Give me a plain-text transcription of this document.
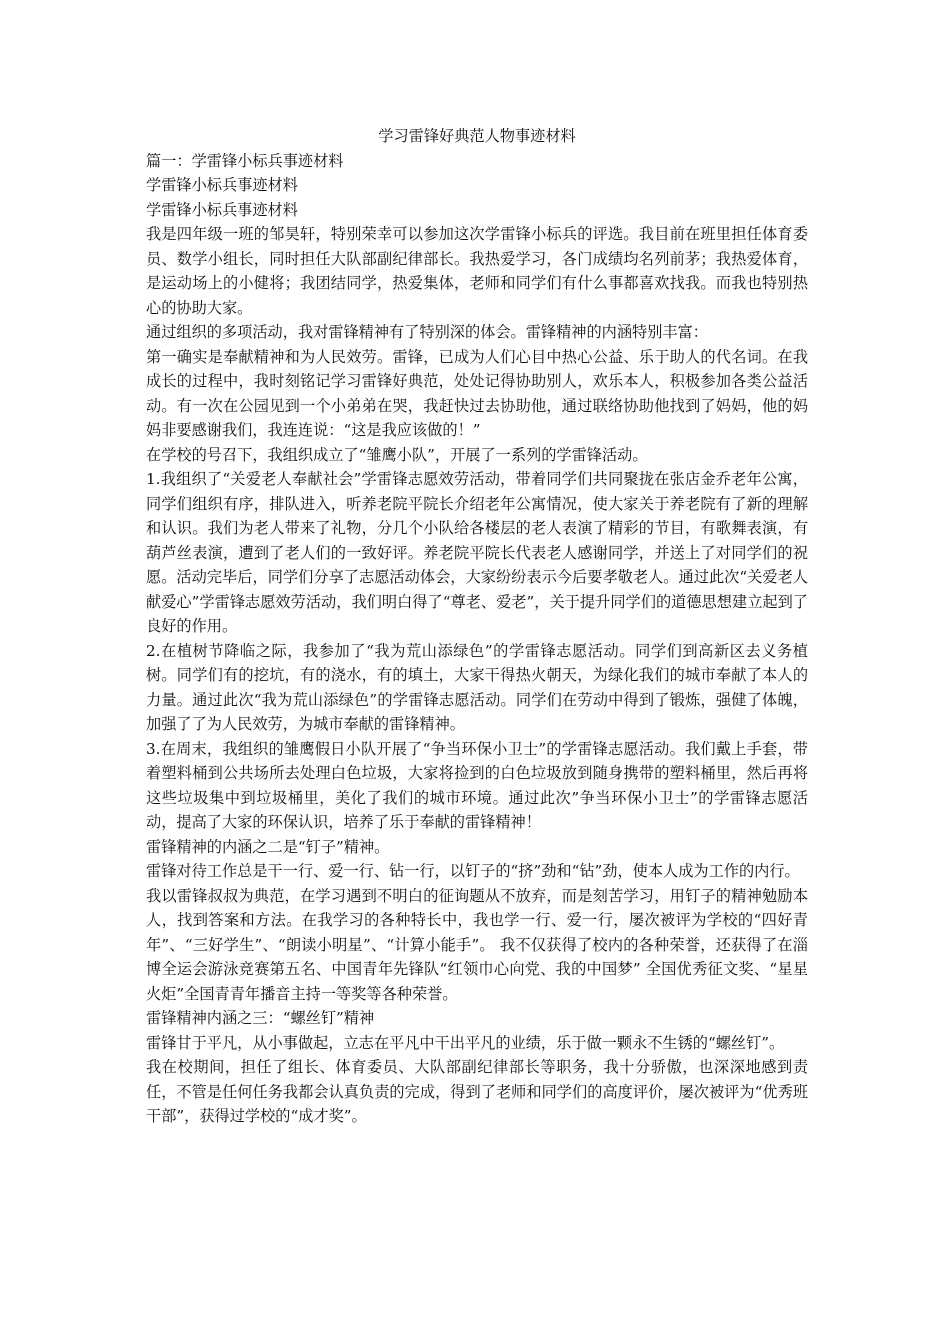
学习雷锋好典范人物事迹材料

篇一：学雷锋小标兵事迹材料

学雷锋小标兵事迹材料

学雷锋小标兵事迹材料

我是四年级一班的邹昊轩，特别荣幸可以参加这次学雷锋小标兵的评选。我目前在班里担任体育委员、数学小组长，同时担任大队部副纪律部长。我热爱学习，各门成绩均名列前茅；我热爱体育，是运动场上的小健将；我团结同学，热爱集体，老师和同学们有什么事都喜欢找我。而我也特别热心的协助大家。

通过组织的多项活动，我对雷锋精神有了特别深的体会。雷锋精神的内涵特别丰富：

第一确实是奉献精神和为人民效劳。雷锋，已成为人们心目中热心公益、乐于助人的代名词。在我成长的过程中，我时刻铭记学习雷锋好典范，处处记得协助别人，欢乐本人，积极参加各类公益活动。有一次在公园见到一个小弟弟在哭，我赶快过去协助他，通过联络协助他找到了妈妈，他的妈妈非要感谢我们，我连连说：“这是我应该做的！”

在学校的号召下，我组织成立了“雏鹰小队”，开展了一系列的学雷锋活动。

1.我组织了“关爱老人奉献社会”学雷锋志愿效劳活动，带着同学们共同聚拢在张店金乔老年公寓，同学们组织有序，排队进入，听养老院平院长介绍老年公寓情况，使大家关于养老院有了新的理解和认识。我们为老人带来了礼物，分几个小队给各楼层的老人表演了精彩的节目，有歌舞表演，有葫芦丝表演，遭到了老人们的一致好评。养老院平院长代表老人感谢同学，并送上了对同学们的祝愿。活动完毕后，同学们分享了志愿活动体会，大家纷纷表示今后要孝敬老人。通过此次“关爱老人献爱心”学雷锋志愿效劳活动，我们明白得了“尊老、爱老”，关于提升同学们的道德思想建立起到了良好的作用。

2.在植树节降临之际，我参加了“我为荒山添绿色”的学雷锋志愿活动。同学们到高新区去义务植树。同学们有的挖坑，有的浇水，有的填土，大家干得热火朝天，为绿化我们的城市奉献了本人的力量。通过此次“我为荒山添绿色”的学雷锋志愿活动。同学们在劳动中得到了锻炼，强健了体魄，加强了了为人民效劳，为城市奉献的雷锋精神。

3.在周末，我组织的雏鹰假日小队开展了“争当环保小卫士”的学雷锋志愿活动。我们戴上手套，带着塑料桶到公共场所去处理白色垃圾，大家将捡到的白色垃圾放到随身携带的塑料桶里，然后再将这些垃圾集中到垃圾桶里，美化了我们的城市环境。通过此次”争当环保小卫士”的学雷锋志愿活动，提高了大家的环保认识，培养了乐于奉献的雷锋精神！

雷锋精神的内涵之二是“钉子”精神。

雷锋对待工作总是干一行、爱一行、钻一行，以钉子的“挤”劲和“钻”劲，使本人成为工作的内行。

我以雷锋叔叔为典范，在学习遇到不明白的征询题从不放弃，而是刻苦学习，用钉子的精神勉励本人，找到答案和方法。在我学习的各种特长中，我也学一行、爱一行，屡次被评为学校的“四好青年”、“三好学生”、“朗读小明星”、“计算小能手”。 我不仅获得了校内的各种荣誉，还获得了在淄博全运会游泳竞赛第五名、中国青年先锋队“红领巾心向党、我的中国梦” 全国优秀征文奖、“星星火炬”全国青青年播音主持一等奖等各种荣誉。

雷锋精神内涵之三：“螺丝钉”精神

雷锋甘于平凡，从小事做起，立志在平凡中干出平凡的业绩，乐于做一颗永不生锈的“螺丝钉”。

我在校期间，担任了组长、体育委员、大队部副纪律部长等职务，我十分骄傲，也深深地感到责任，不管是任何任务我都会认真负责的完成，得到了老师和同学们的高度评价，屡次被评为“优秀班干部”，获得过学校的“成才奖”。
